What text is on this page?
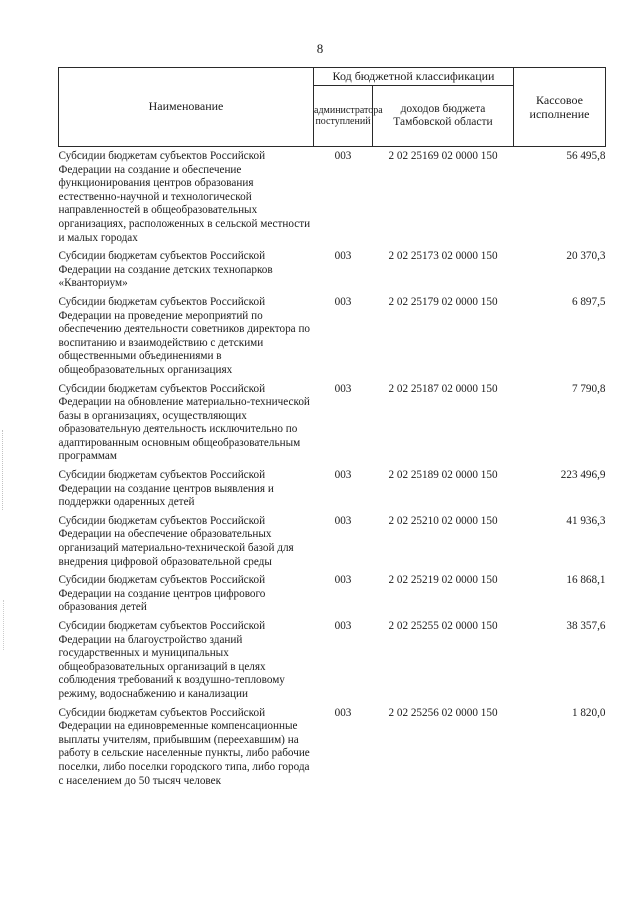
8
Наименование	Код бюджетной классификации		Кассовое исполнение
	администратора поступлений	доходов бюджета Тамбовской области	
Субсидии бюджетам субъектов Российской Федерации на создание и обеспечение функционирования центров образования естественно-научной и технологической направленностей в общеобразовательных организациях, расположенных в сельской местности и малых городах	003	2 02 25169 02 0000 150	56 495,8
Субсидии бюджетам субъектов Российской Федерации на создание детских технопарков «Кванториум»	003	2 02 25173 02 0000 150	20 370,3
Субсидии бюджетам субъектов Российской Федерации на проведение мероприятий по обеспечению деятельности советников директора по воспитанию и взаимодействию с детскими общественными объединениями в общеобразовательных организациях	003	2 02 25179 02 0000 150	6 897,5
Субсидии бюджетам субъектов Российской Федерации на обновление материально-технической базы в организациях, осуществляющих образовательную деятельность исключительно по адаптированным основным общеобразовательным программам	003	2 02 25187 02 0000 150	7 790,8
Субсидии бюджетам субъектов Российской Федерации на создание центров выявления и поддержки одаренных детей	003	2 02 25189 02 0000 150	223 496,9
Субсидии бюджетам субъектов Российской Федерации на обеспечение образовательных организаций материально-технической базой для внедрения цифровой образовательной среды	003	2 02 25210 02 0000 150	41 936,3
Субсидии бюджетам субъектов Российской Федерации на создание центров цифрового образования детей	003	2 02 25219 02 0000 150	16 868,1
Субсидии бюджетам субъектов Российской Федерации на благоустройство зданий государственных и муниципальных общеобразовательных организаций в целях соблюдения требований к воздушно-тепловому режиму, водоснабжению и канализации	003	2 02 25255 02 0000 150	38 357,6
Субсидии бюджетам субъектов Российской Федерации на единовременные компенсационные выплаты учителям, прибывшим (переехавшим) на работу в сельские населенные пункты, либо рабочие поселки, либо поселки городского типа, либо города с населением до 50 тысяч человек	003	2 02 25256 02 0000 150	1 820,0
